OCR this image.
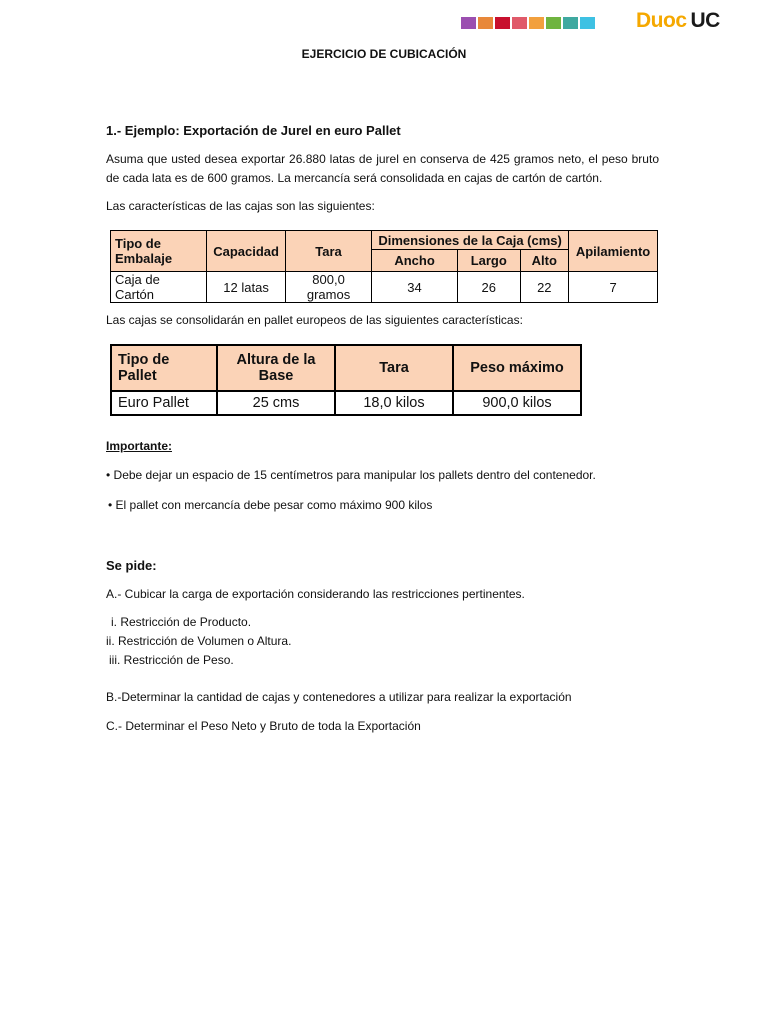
Duoc UC
EJERCICIO DE CUBICACIÓN
1.- Ejemplo: Exportación de Jurel en euro Pallet
Asuma que usted desea exportar 26.880 latas de jurel en conserva de 425 gramos neto, el peso bruto de cada lata es de 600 gramos. La mercancía será consolidada en cajas de cartón de cartón.
Las características de las cajas son las siguientes:
Tipo de Embalaje	Capacidad	Tara	Dimensiones de la Caja (cms)			Apilamiento
			Ancho	Largo	Alto	
Caja de Cartón	12 latas	800,0 gramos	34	26	22	7
Las cajas se consolidarán en pallet europeos de las siguientes características:
Tipo de Pallet	Altura de la Base	Tara	Peso máximo
Euro Pallet	25 cms	18,0 kilos	900,0 kilos
Importante:
• Debe dejar un espacio de 15 centímetros para manipular los pallets dentro del contenedor.
• El pallet con mercancía debe pesar como máximo 900 kilos
Se pide:
A.- Cubicar la carga de exportación considerando las restricciones pertinentes.
i. Restricción de Producto.
ii. Restricción de Volumen o Altura.
iii. Restricción de Peso.
B.-Determinar la cantidad de cajas y contenedores a utilizar para realizar la exportación
C.- Determinar el Peso Neto y Bruto de toda la Exportación
